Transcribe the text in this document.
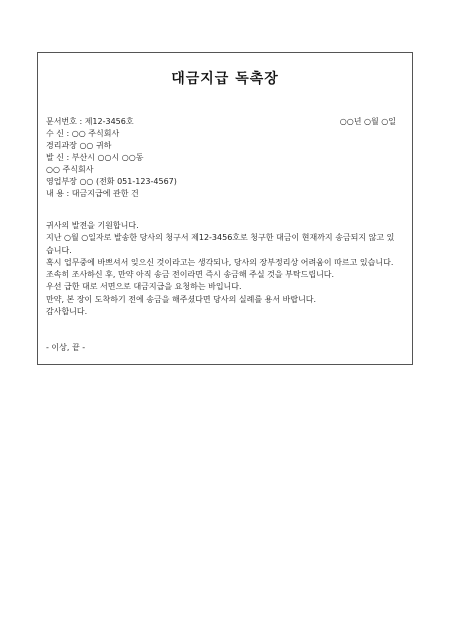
대금지급 독촉장
○○년 ○월 ○일
문서번호 : 제12-3456호
수 신 : ○○ 주식회사
경리과장 ○○ 귀하
발 신 : 부산시 ○○시 ○○동
○○ 주식회사
영업부장 ○○ (전화 051-123-4567)
내 용 : 대금지급에 관한 건

귀사의 발전을 기원합니다.

지난 ○월 ○일자로 발송한 당사의 청구서 제12-3456호로 청구한 대금이 현재까지 송금되지 않고 있습니다.

혹시 업무중에 바쁘셔서 잊으신 것이라고는 생각되나, 당사의 장부정리상 어려움이 따르고 있습니다. 조속히 조사하신 후, 만약 아직 송금 전이라면 즉시 송금해 주실 것을 부탁드립니다.

우선 급한 대로 서면으로 대금지급을 요청하는 바입니다.

만약, 본 장이 도착하기 전에 송금을 해주셨다면 당사의 실례를 용서 바랍니다.

감사합니다.

- 이상, 끝 -
